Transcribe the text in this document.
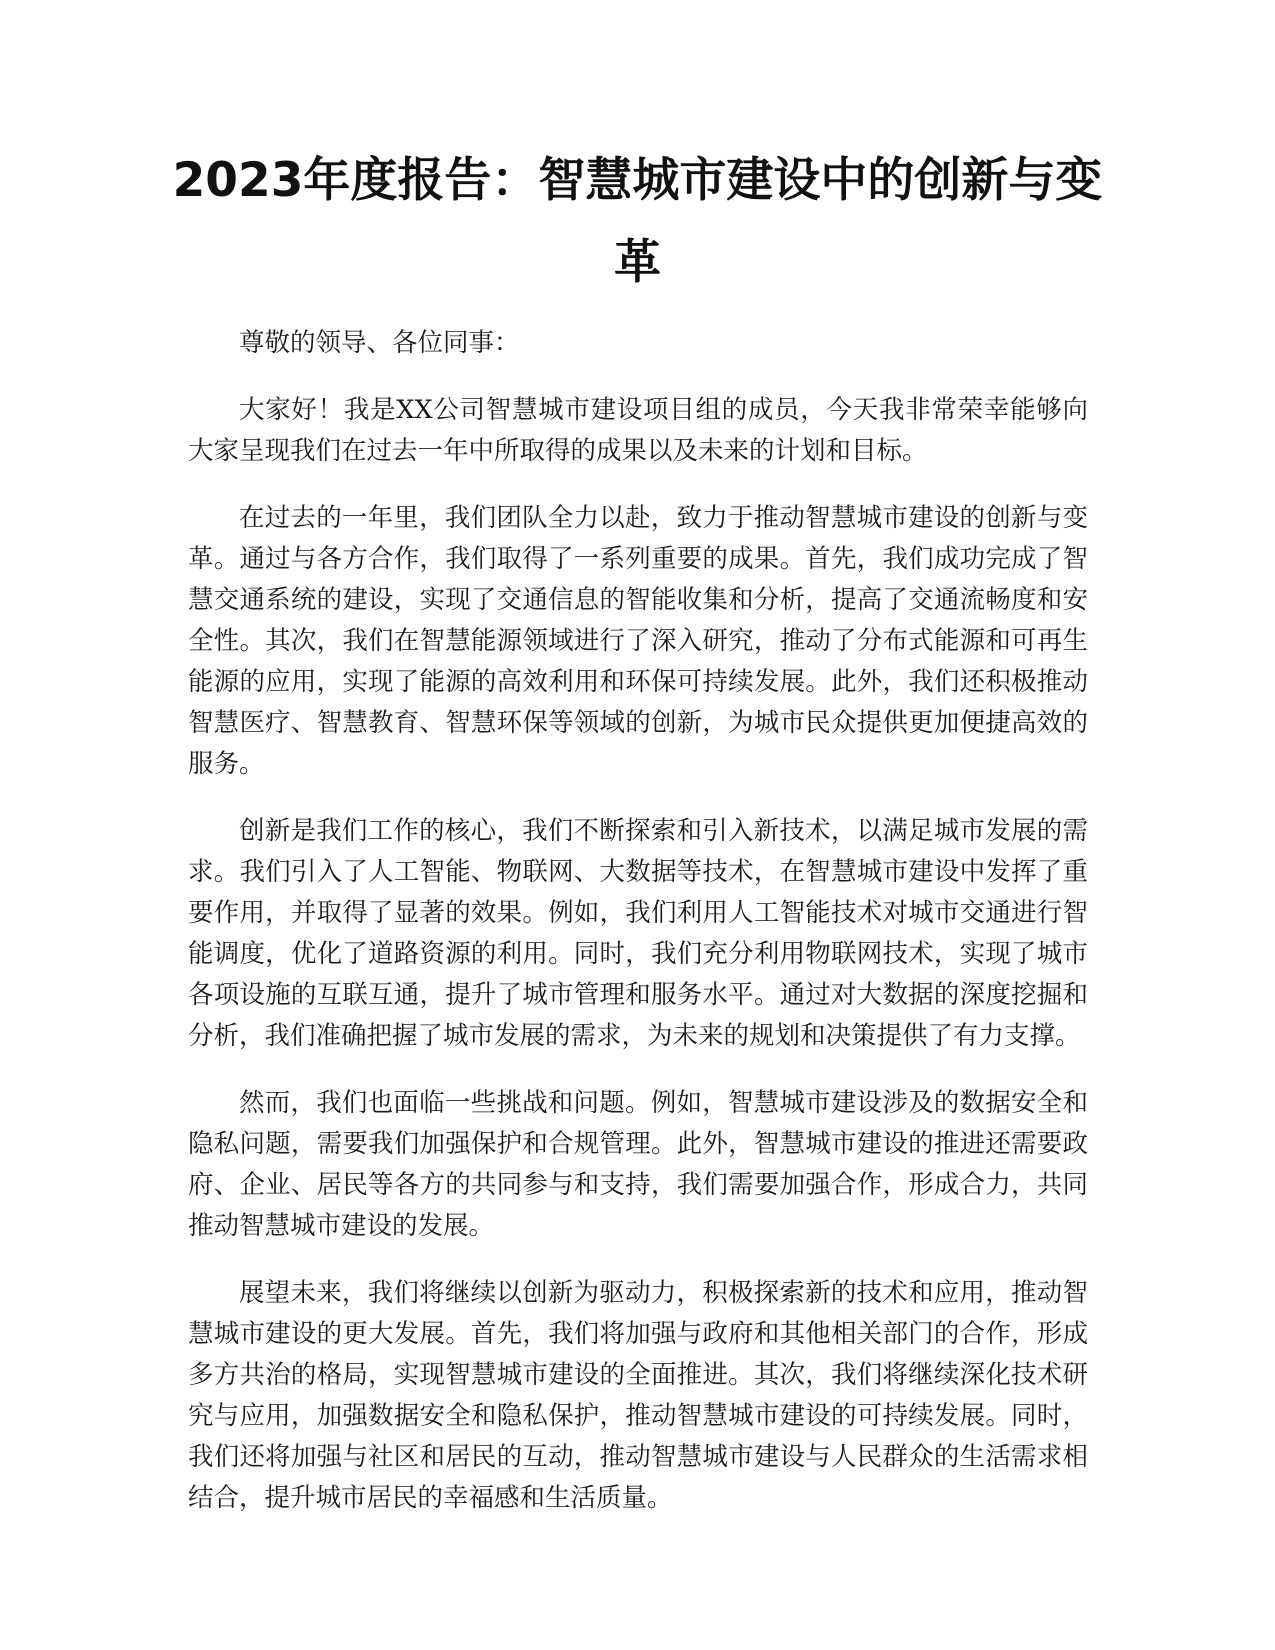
2023年度报告：智慧城市建设中的创新与变革

尊敬的领导、各位同事：

大家好！我是XX公司智慧城市建设项目组的成员，今天我非常荣幸能够向大家呈现我们在过去一年中所取得的成果以及未来的计划和目标。

在过去的一年里，我们团队全力以赴，致力于推动智慧城市建设的创新与变革。通过与各方合作，我们取得了一系列重要的成果。首先，我们成功完成了智慧交通系统的建设，实现了交通信息的智能收集和分析，提高了交通流畅度和安全性。其次，我们在智慧能源领域进行了深入研究，推动了分布式能源和可再生能源的应用，实现了能源的高效利用和环保可持续发展。此外，我们还积极推动智慧医疗、智慧教育、智慧环保等领域的创新，为城市民众提供更加便捷高效的服务。

创新是我们工作的核心，我们不断探索和引入新技术，以满足城市发展的需求。我们引入了人工智能、物联网、大数据等技术，在智慧城市建设中发挥了重要作用，并取得了显著的效果。例如，我们利用人工智能技术对城市交通进行智能调度，优化了道路资源的利用。同时，我们充分利用物联网技术，实现了城市各项设施的互联互通，提升了城市管理和服务水平。通过对大数据的深度挖掘和分析，我们准确把握了城市发展的需求，为未来的规划和决策提供了有力支撑。

然而，我们也面临一些挑战和问题。例如，智慧城市建设涉及的数据安全和隐私问题，需要我们加强保护和合规管理。此外，智慧城市建设的推进还需要政府、企业、居民等各方的共同参与和支持，我们需要加强合作，形成合力，共同推动智慧城市建设的发展。

展望未来，我们将继续以创新为驱动力，积极探索新的技术和应用，推动智慧城市建设的更大发展。首先，我们将加强与政府和其他相关部门的合作，形成多方共治的格局，实现智慧城市建设的全面推进。其次，我们将继续深化技术研究与应用，加强数据安全和隐私保护，推动智慧城市建设的可持续发展。同时，我们还将加强与社区和居民的互动，推动智慧城市建设与人民群众的生活需求相结合，提升城市居民的幸福感和生活质量。
